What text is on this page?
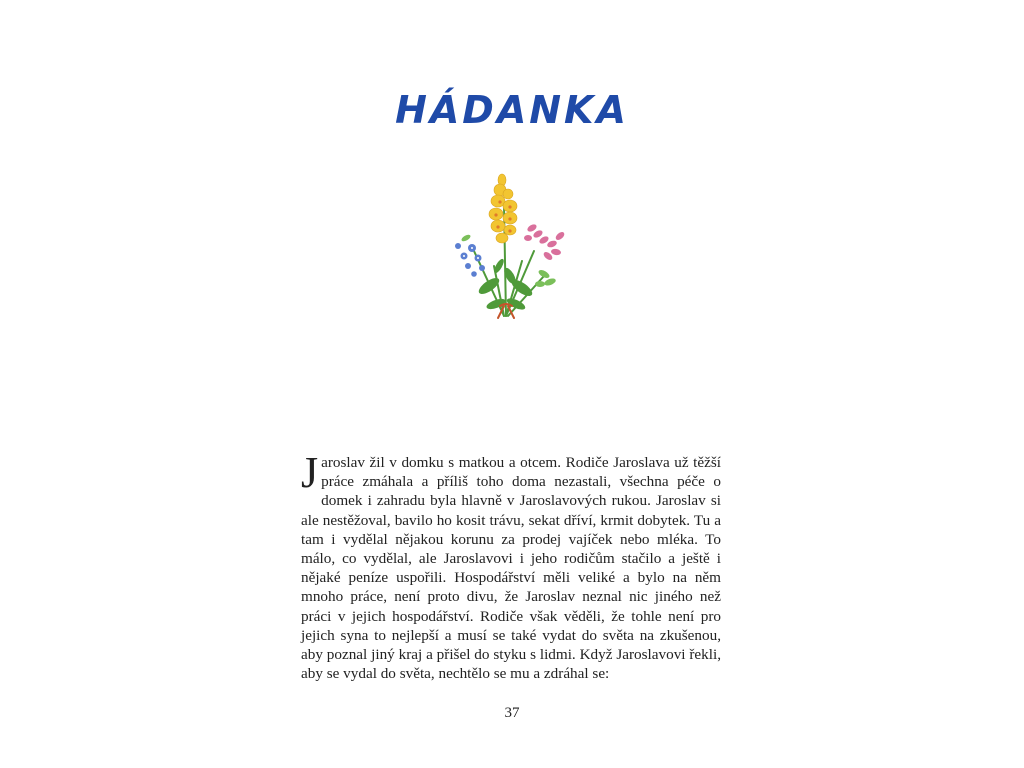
HÁDANKA
J aroslav žil v domku s matkou a otcem. Rodiče Jaroslava už těžší práce zmáhala a příliš toho doma nezastali, všechna péče o domek i zahradu byla hlavně v Jaroslavových rukou. Jaroslav si ale nestěžoval, bavilo ho kosit trávu, sekat dříví, krmit dobytek. Tu a tam i vydělal nějakou korunu za prodej vajíček nebo mléka. To málo, co vydělal, ale Jaroslavovi i jeho rodičům stačilo a ještě i nějaké peníze uspořili. Hospodářství měli veliké a bylo na něm mnoho práce, není proto divu, že Jaroslav neznal nic jiného než práci v jejich hospodářství. Rodiče však věděli, že tohle není pro jejich syna to nejlepší a musí se také vydat do světa na zkušenou, aby poznal jiný kraj a přišel do styku s lidmi. Když Jaroslavovi řekli, aby se vydal do světa, nechtělo se mu a zdráhal se:
37
